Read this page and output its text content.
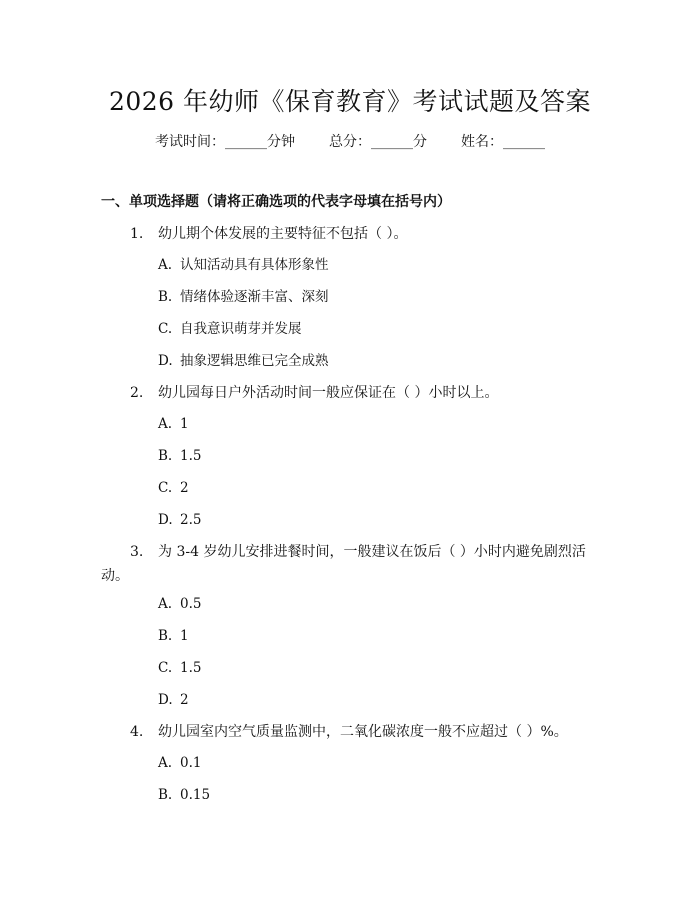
2026 年幼师《保育教育》考试试题及答案
考试时间：______分钟 总分：______分 姓名：______
一、单项选择题（请将正确选项的代表字母填在括号内）
1. 幼儿期个体发展的主要特征不包括（ ）。
A. 认知活动具有具体形象性
B. 情绪体验逐渐丰富、深刻
C. 自我意识萌芽并发展
D. 抽象逻辑思维已完全成熟
2. 幼儿园每日户外活动时间一般应保证在（ ）小时以上。
A. 1
B. 1.5
C. 2
D. 2.5
3. 为 3-4 岁幼儿安排进餐时间，一般建议在饭后（ ）小时内避免剧烈活动。
A. 0.5
B. 1
C. 1.5
D. 2
4. 幼儿园室内空气质量监测中，二氧化碳浓度一般不应超过（ ）%。
A. 0.1
B. 0.15
